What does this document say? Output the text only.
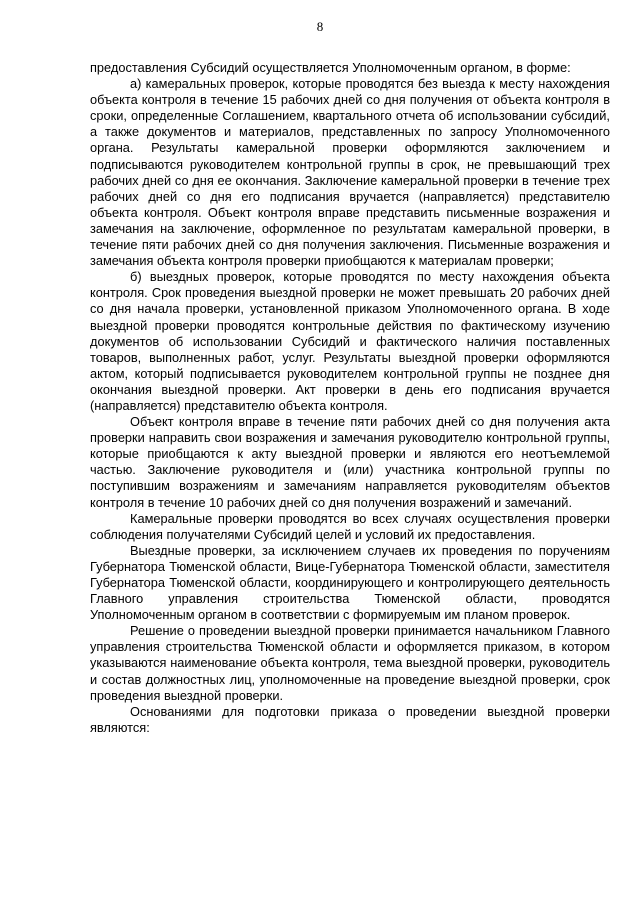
8

предоставления Субсидий осуществляется Уполномоченным органом, в форме:

а) камеральных проверок, которые проводятся без выезда к месту нахождения объекта контроля в течение 15 рабочих дней со дня получения от объекта контроля в сроки, определенные Соглашением, квартального отчета об использовании субсидий, а также документов и материалов, представленных по запросу Уполномоченного органа. Результаты камеральной проверки оформляются заключением и подписываются руководителем контрольной группы в срок, не превышающий трех рабочих дней со дня ее окончания. Заключение камеральной проверки в течение трех рабочих дней со дня его подписания вручается (направляется) представителю объекта контроля. Объект контроля вправе представить письменные возражения и замечания на заключение, оформленное по результатам камеральной проверки, в течение пяти рабочих дней со дня получения заключения. Письменные возражения и замечания объекта контроля проверки приобщаются к материалам проверки;

б) выездных проверок, которые проводятся по месту нахождения объекта контроля. Срок проведения выездной проверки не может превышать 20 рабочих дней со дня начала проверки, установленной приказом Уполномоченного органа. В ходе выездной проверки проводятся контрольные действия по фактическому изучению документов об использовании Субсидий и фактического наличия поставленных товаров, выполненных работ, услуг. Результаты выездной проверки оформляются актом, который подписывается руководителем контрольной группы не позднее дня окончания выездной проверки. Акт проверки в день его подписания вручается (направляется) представителю объекта контроля.

Объект контроля вправе в течение пяти рабочих дней со дня получения акта проверки направить свои возражения и замечания руководителю контрольной группы, которые приобщаются к акту выездной проверки и являются его неотъемлемой частью. Заключение руководителя и (или) участника контрольной группы по поступившим возражениям и замечаниям направляется руководителям объектов контроля в течение 10 рабочих дней со дня получения возражений и замечаний.

Камеральные проверки проводятся во всех случаях осуществления проверки соблюдения получателями Субсидий целей и условий их предоставления.

Выездные проверки, за исключением случаев их проведения по поручениям Губернатора Тюменской области, Вице-Губернатора Тюменской области, заместителя Губернатора Тюменской области, координирующего и контролирующего деятельность Главного управления строительства Тюменской области, проводятся Уполномоченным органом в соответствии с формируемым им планом проверок.

Решение о проведении выездной проверки принимается начальником Главного управления строительства Тюменской области и оформляется приказом, в котором указываются наименование объекта контроля, тема выездной проверки, руководитель и состав должностных лиц, уполномоченные на проведение выездной проверки, срок проведения выездной проверки.

Основаниями для подготовки приказа о проведении выездной проверки являются:
